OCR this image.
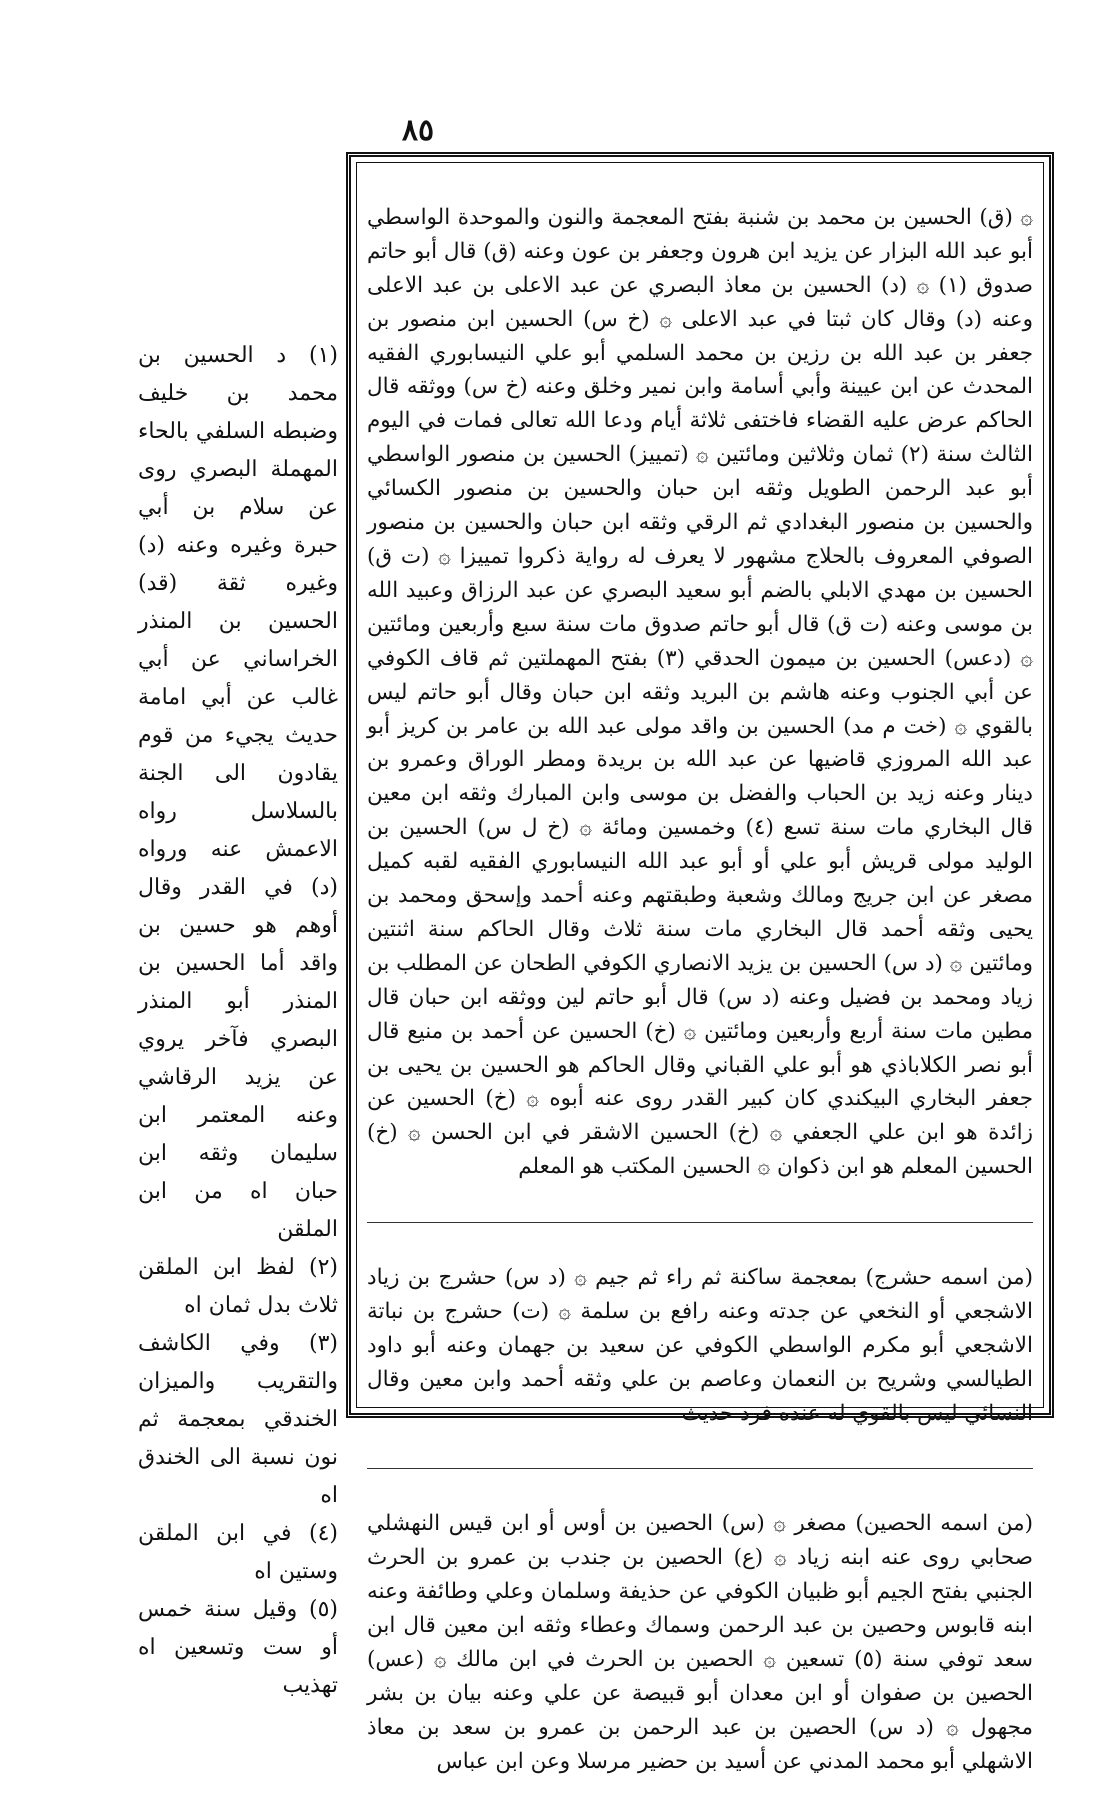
٨٥

۞ (ق) الحسين بن محمد بن شنبة بفتح المعجمة والنون والموحدة الواسطي أبو عبد الله البزار عن يزيد ابن هرون وجعفر بن عون وعنه (ق) قال أبو حاتم صدوق (١) ۞ (د) الحسين بن معاذ البصري عن عبد الاعلى بن عبد الاعلى وعنه (د) وقال كان ثبتا في عبد الاعلى ۞ (خ س) الحسين ابن منصور بن جعفر بن عبد الله بن رزين بن محمد السلمي أبو علي النيسابوري الفقيه المحدث عن ابن عيينة وأبي أسامة وابن نمير وخلق وعنه (خ س) ووثقه قال الحاكم عرض عليه القضاء فاختفى ثلاثة أيام ودعا الله تعالى فمات في اليوم الثالث سنة (٢) ثمان وثلاثين ومائتين ۞ (تمييز) الحسين بن منصور الواسطي أبو عبد الرحمن الطويل وثقه ابن حبان والحسين بن منصور الكسائي والحسين بن منصور البغدادي ثم الرقي وثقه ابن حبان والحسين بن منصور الصوفي المعروف بالحلاج مشهور لا يعرف له رواية ذكروا تمييزا ۞ (ت ق) الحسين بن مهدي الابلي بالضم أبو سعيد البصري عن عبد الرزاق وعبيد الله بن موسى وعنه (ت ق) قال أبو حاتم صدوق مات سنة سبع وأربعين ومائتين ۞ (دعس) الحسين بن ميمون الحدقي (٣) بفتح المهملتين ثم قاف الكوفي عن أبي الجنوب وعنه هاشم بن البريد وثقه ابن حبان وقال أبو حاتم ليس بالقوي ۞ (خت م مد) الحسين بن واقد مولى عبد الله بن عامر بن كريز أبو عبد الله المروزي قاضيها عن عبد الله بن بريدة ومطر الوراق وعمرو بن دينار وعنه زيد بن الحباب والفضل بن موسى وابن المبارك وثقه ابن معين قال البخاري مات سنة تسع (٤) وخمسين ومائة ۞ (خ ل س) الحسين بن الوليد مولى قريش أبو علي أو أبو عبد الله النيسابوري الفقيه لقبه كميل مصغر عن ابن جريج ومالك وشعبة وطبقتهم وعنه أحمد وإسحق ومحمد بن يحيى وثقه أحمد قال البخاري مات سنة ثلاث وقال الحاكم سنة اثنتين ومائتين ۞ (د س) الحسين بن يزيد الانصاري الكوفي الطحان عن المطلب بن زياد ومحمد بن فضيل وعنه (د س) قال أبو حاتم لين ووثقه ابن حبان قال مطين مات سنة أربع وأربعين ومائتين ۞ (خ) الحسين عن أحمد بن منيع قال أبو نصر الكلاباذي هو أبو علي القباني وقال الحاكم هو الحسين بن يحيى بن جعفر البخاري البيكندي كان كبير القدر روى عنه أبوه ۞ (خ) الحسين عن زائدة هو ابن علي الجعفي ۞ (خ) الحسين الاشقر في ابن الحسن ۞ (خ) الحسين المعلم هو ابن ذكوان ۞ الحسين المكتب هو المعلم

(من اسمه حشرج) بمعجمة ساكنة ثم راء ثم جيم ۞ (د س) حشرج بن زياد الاشجعي أو النخعي عن جدته وعنه رافع بن سلمة ۞ (ت) حشرج بن نباتة الاشجعي أبو مكرم الواسطي الكوفي عن سعيد بن جهمان وعنه أبو داود الطيالسي وشريح بن النعمان وعاصم بن علي وثقه أحمد وابن معين وقال النسائي ليس بالقوي له عنده فرد حديث

(من اسمه الحصين) مصغر ۞ (س) الحصين بن أوس أو ابن قيس النهشلي صحابي روى عنه ابنه زياد ۞ (ع) الحصين بن جندب بن عمرو بن الحرث الجنبي بفتح الجيم أبو ظبيان الكوفي عن حذيفة وسلمان وعلي وطائفة وعنه ابنه قابوس وحصين بن عبد الرحمن وسماك وعطاء وثقه ابن معين قال ابن سعد توفي سنة (٥) تسعين ۞ الحصين بن الحرث في ابن مالك ۞ (عس) الحصين بن صفوان أو ابن معدان أبو قبيصة عن علي وعنه بيان بن بشر مجهول ۞ (د س) الحصين بن عبد الرحمن بن عمرو بن سعد بن معاذ الاشهلي أبو محمد المدني عن أسيد بن حضير مرسلا وعن ابن عباس

(١) د الحسين بن محمد بن خليف وضبطه السلفي بالحاء المهملة البصري روى عن سلام بن أبي حبرة وغيره وعنه (د) وغيره ثقة (قد) الحسين بن المنذر الخراساني عن أبي غالب عن أبي امامة حديث يجيء من قوم يقادون الى الجنة بالسلاسل رواه الاعمش عنه ورواه (د) في القدر وقال أوهم هو حسين بن واقد أما الحسين بن المنذر أبو المنذر البصري فآخر يروي عن يزيد الرقاشي وعنه المعتمر ابن سليمان وثقه ابن حبان اه من ابن الملقن
(٢) لفظ ابن الملقن ثلاث بدل ثمان اه
(٣) وفي الكاشف والتقريب والميزان الخندقي بمعجمة ثم نون نسبة الى الخندق اه
(٤) في ابن الملقن وستين اه
(٥) وقيل سنة خمس أو ست وتسعين اه تهذيب
